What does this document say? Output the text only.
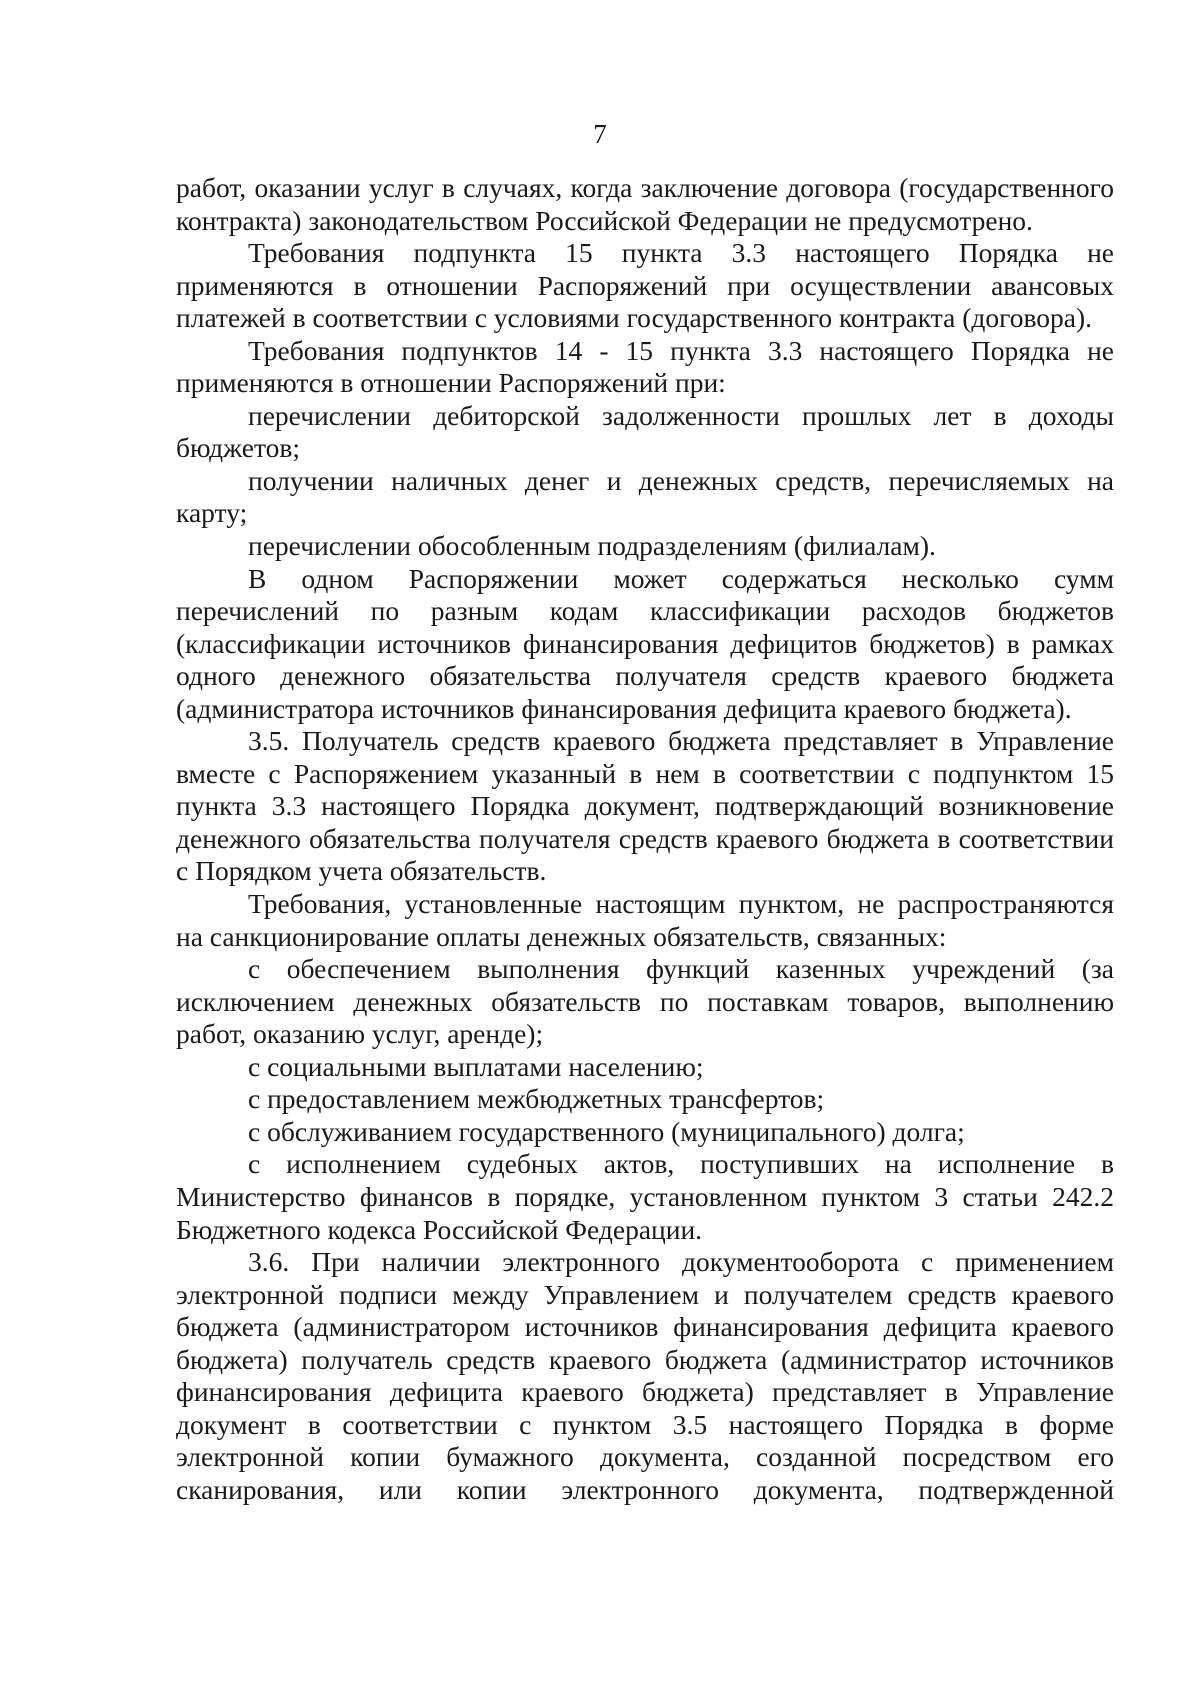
7

работ, оказании услуг в случаях, когда заключение договора (государственного контракта) законодательством Российской Федерации не предусмотрено.

Требования подпункта 15 пункта 3.3 настоящего Порядка не применяются в отношении Распоряжений при осуществлении авансовых платежей в соответствии с условиями государственного контракта (договора).

Требования подпунктов 14 - 15 пункта 3.3 настоящего Порядка не применяются в отношении Распоряжений при:

перечислении дебиторской задолженности прошлых лет в доходы бюджетов;

получении наличных денег и денежных средств, перечисляемых на карту;

перечислении обособленным подразделениям (филиалам).

В одном Распоряжении может содержаться несколько сумм перечислений по разным кодам классификации расходов бюджетов (классификации источников финансирования дефицитов бюджетов) в рамках одного денежного обязательства получателя средств краевого бюджета (администратора источников финансирования дефицита краевого бюджета).

3.5. Получатель средств краевого бюджета представляет в Управление вместе с Распоряжением указанный в нем в соответствии с подпунктом 15 пункта 3.3 настоящего Порядка документ, подтверждающий возникновение денежного обязательства получателя средств краевого бюджета в соответствии с Порядком учета обязательств.

Требования, установленные настоящим пунктом, не распространяются на санкционирование оплаты денежных обязательств, связанных:

с обеспечением выполнения функций казенных учреждений (за исключением денежных обязательств по поставкам товаров, выполнению работ, оказанию услуг, аренде);

с социальными выплатами населению;

с предоставлением межбюджетных трансфертов;

с обслуживанием государственного (муниципального) долга;

с исполнением судебных актов, поступивших на исполнение в Министерство финансов в порядке, установленном пунктом 3 статьи 242.2 Бюджетного кодекса Российской Федерации.

3.6. При наличии электронного документооборота с применением электронной подписи между Управлением и получателем средств краевого бюджета (администратором источников финансирования дефицита краевого бюджета) получатель средств краевого бюджета (администратор источников финансирования дефицита краевого бюджета) представляет в Управление документ в соответствии с пунктом 3.5 настоящего Порядка в форме электронной копии бумажного документа, созданной посредством его сканирования, или копии электронного документа, подтвержденной
